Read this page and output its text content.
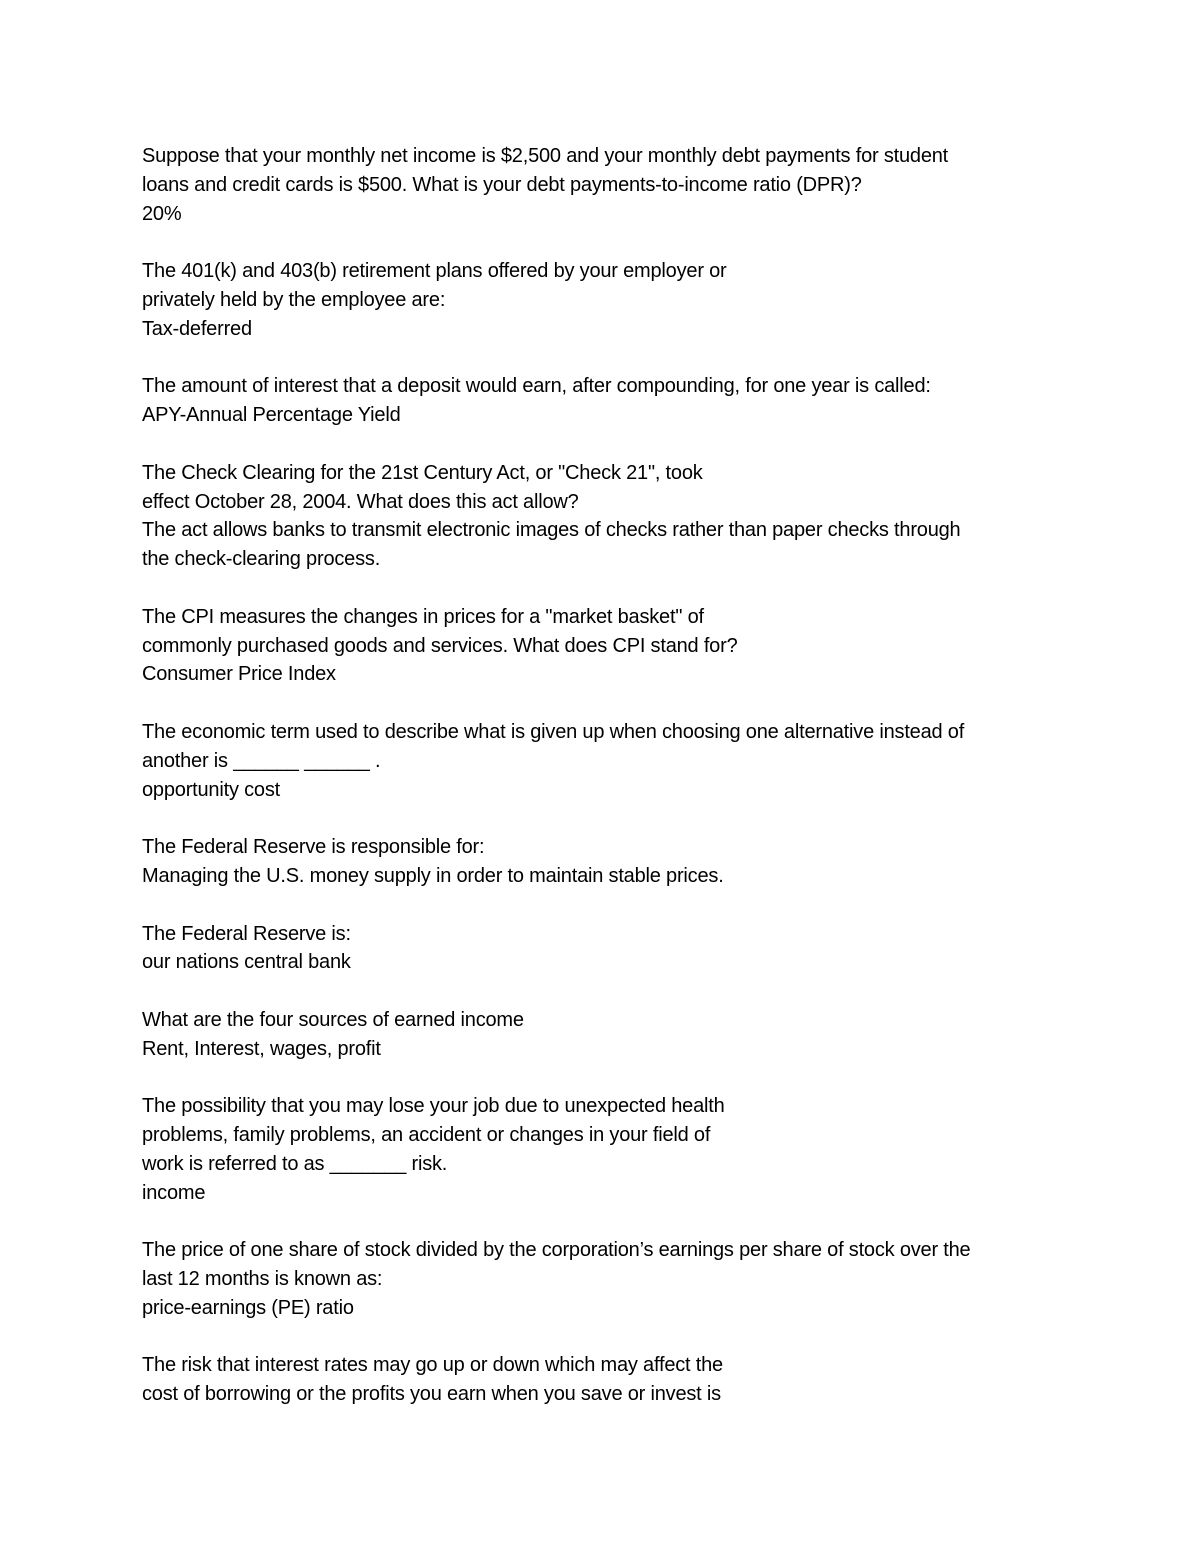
Suppose that your monthly net income is $2,500 and your monthly debt payments for student
loans and credit cards is $500. What is your debt payments-to-income ratio (DPR)?
20%
The 401(k) and 403(b) retirement plans offered by your employer or
privately held by the employee are:
Tax-deferred
The amount of interest that a deposit would earn, after compounding, for one year is called:
APY-Annual Percentage Yield
The Check Clearing for the 21st Century Act, or "Check 21", took
effect October 28, 2004. What does this act allow?
The act allows banks to transmit electronic images of checks rather than paper checks through
the check-clearing process.
The CPI measures the changes in prices for a "market basket" of
commonly purchased goods and services. What does CPI stand for?
Consumer Price Index
The economic term used to describe what is given up when choosing one alternative instead of
another is ______ ______ .
opportunity cost
The Federal Reserve is responsible for:
Managing the U.S. money supply in order to maintain stable prices.
The Federal Reserve is:
our nations central bank
What are the four sources of earned income
Rent, Interest, wages, profit
The possibility that you may lose your job due to unexpected health
problems, family problems, an accident or changes in your field of
work is referred to as _______ risk.
income
The price of one share of stock divided by the corporation’s earnings per share of stock over the
last 12 months is known as:
price-earnings (PE) ratio
The risk that interest rates may go up or down which may affect the
cost of borrowing or the profits you earn when you save or invest is
